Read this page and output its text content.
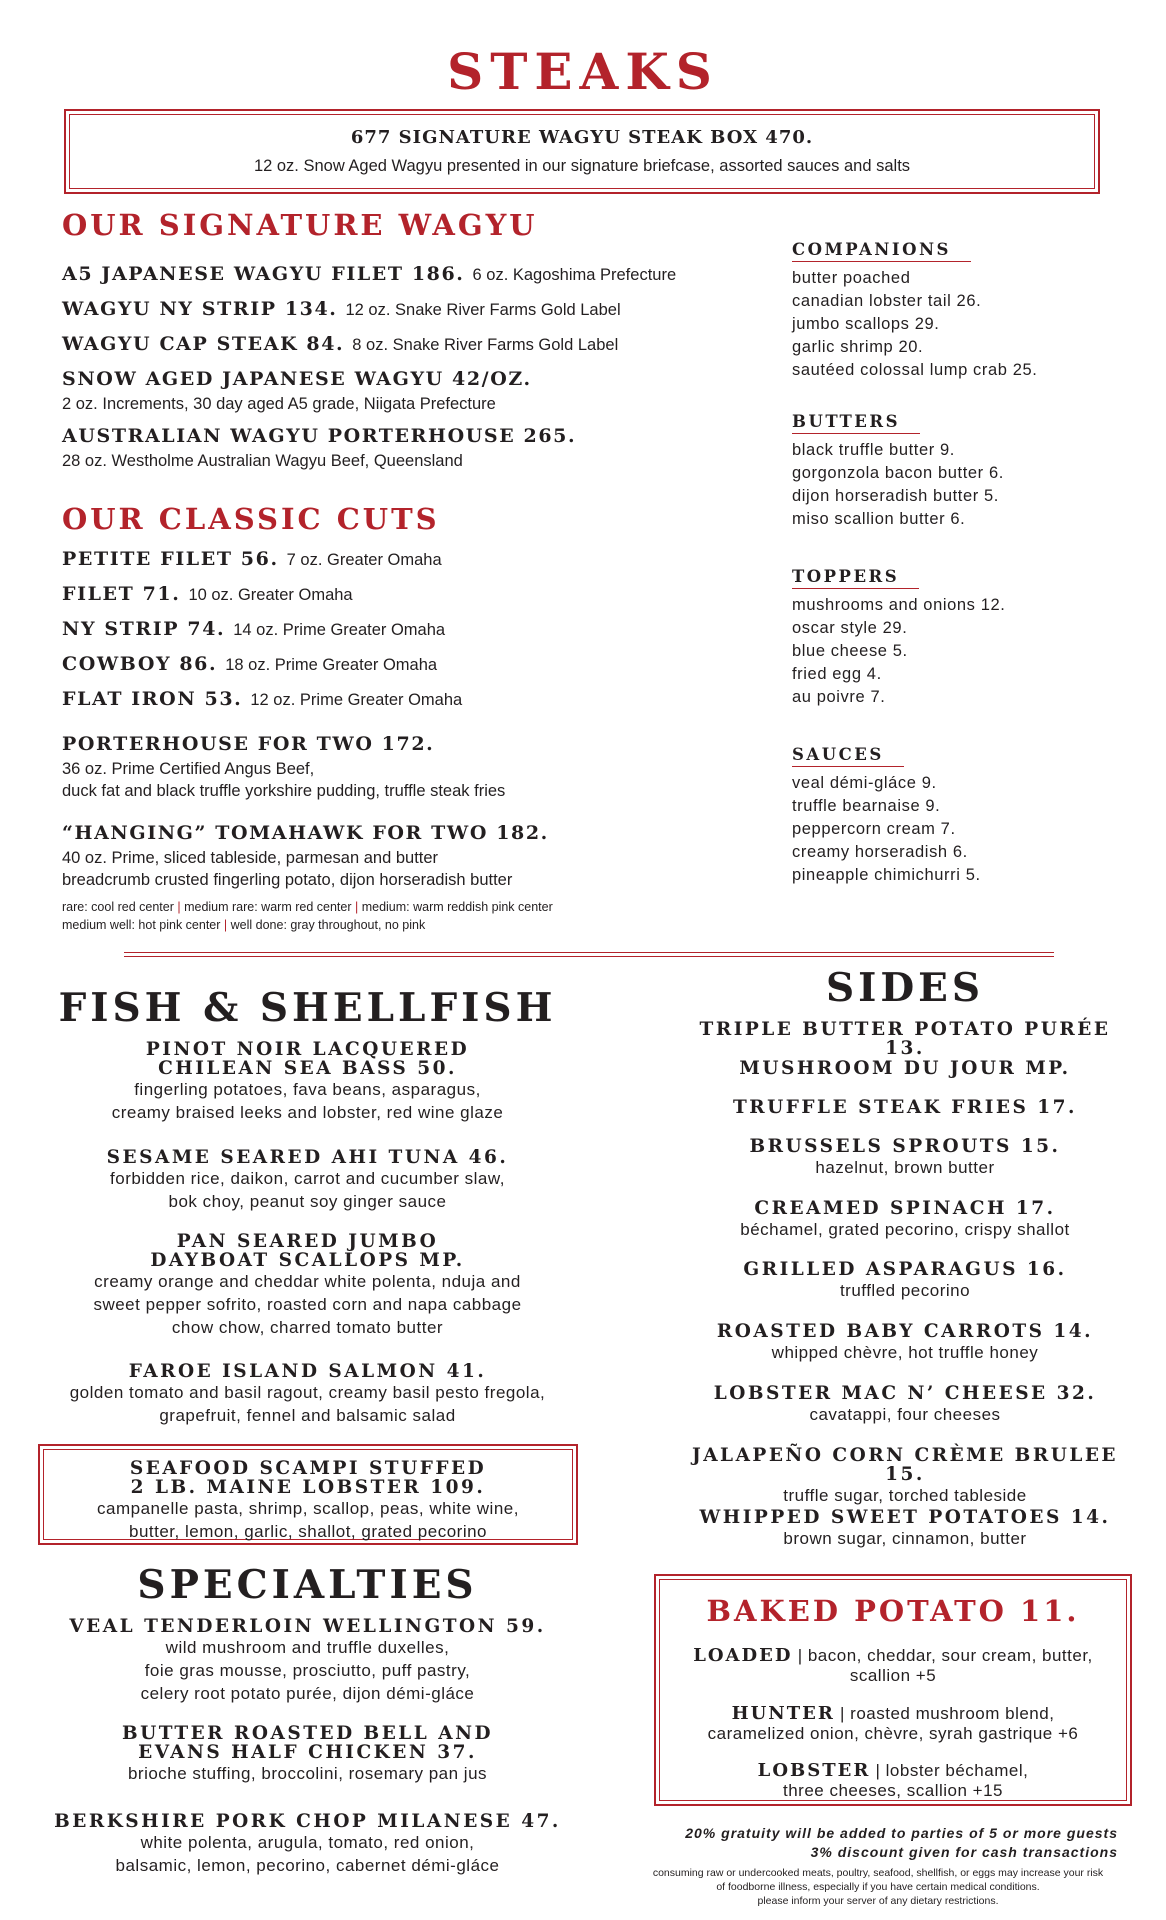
STEAKS
677 SIGNATURE WAGYU STEAK BOX 470.
12 oz. Snow Aged Wagyu presented in our signature briefcase, assorted sauces and salts
OUR SIGNATURE WAGYU
A5 JAPANESE WAGYU FILET 186. 6 oz. Kagoshima Prefecture
WAGYU NY STRIP 134. 12 oz. Snake River Farms Gold Label
WAGYU CAP STEAK 84. 8 oz. Snake River Farms Gold Label
SNOW AGED JAPANESE WAGYU 42/OZ.
2 oz. Increments, 30 day aged A5 grade, Niigata Prefecture
AUSTRALIAN WAGYU PORTERHOUSE 265.
28 oz. Westholme Australian Wagyu Beef, Queensland
OUR CLASSIC CUTS
PETITE FILET 56. 7 oz. Greater Omaha
FILET 71. 10 oz. Greater Omaha
NY STRIP 74. 14 oz. Prime Greater Omaha
COWBOY 86. 18 oz. Prime Greater Omaha
FLAT IRON 53. 12 oz. Prime Greater Omaha
PORTERHOUSE FOR TWO 172.
36 oz. Prime Certified Angus Beef,
duck fat and black truffle yorkshire pudding, truffle steak fries
“HANGING” TOMAHAWK FOR TWO 182.
40 oz. Prime, sliced tableside, parmesan and butter
breadcrumb crusted fingerling potato, dijon horseradish butter
rare: cool red center | medium rare: warm red center | medium: warm reddish pink center
medium well: hot pink center | well done: gray throughout, no pink
COMPANIONS
butter poached
canadian lobster tail 26.
jumbo scallops 29.
garlic shrimp 20.
sautéed colossal lump crab 25.
BUTTERS
black truffle butter 9.
gorgonzola bacon butter 6.
dijon horseradish butter 5.
miso scallion butter 6.
TOPPERS
mushrooms and onions 12.
oscar style 29.
blue cheese 5.
fried egg 4.
au poivre 7.
SAUCES
veal démi-gláce 9.
truffle bearnaise 9.
peppercorn cream 7.
creamy horseradish 6.
pineapple chimichurri 5.
FISH & SHELLFISH
PINOT NOIR LACQUERED
CHILEAN SEA BASS 50.
fingerling potatoes, fava beans, asparagus,
creamy braised leeks and lobster, red wine glaze
SESAME SEARED AHI TUNA 46.
forbidden rice, daikon, carrot and cucumber slaw,
bok choy, peanut soy ginger sauce
PAN SEARED JUMBO
DAYBOAT SCALLOPS MP.
creamy orange and cheddar white polenta, nduja and
sweet pepper sofrito, roasted corn and napa cabbage
chow chow, charred tomato butter
FAROE ISLAND SALMON 41.
golden tomato and basil ragout, creamy basil pesto fregola,
grapefruit, fennel and balsamic salad
SEAFOOD SCAMPI STUFFED
2 LB. MAINE LOBSTER 109.
campanelle pasta, shrimp, scallop, peas, white wine,
butter, lemon, garlic, shallot, grated pecorino
SPECIALTIES
VEAL TENDERLOIN WELLINGTON 59.
wild mushroom and truffle duxelles,
foie gras mousse, prosciutto, puff pastry,
celery root potato purée, dijon démi-gláce
BUTTER ROASTED BELL AND
EVANS HALF CHICKEN 37.
brioche stuffing, broccolini, rosemary pan jus
BERKSHIRE PORK CHOP MILANESE 47.
white polenta, arugula, tomato, red onion,
balsamic, lemon, pecorino, cabernet démi-gláce
SIDES
TRIPLE BUTTER POTATO PURÉE 13.
MUSHROOM DU JOUR MP.
TRUFFLE STEAK FRIES 17.
BRUSSELS SPROUTS 15.
hazelnut, brown butter
CREAMED SPINACH 17.
béchamel, grated pecorino, crispy shallot
GRILLED ASPARAGUS 16.
truffled pecorino
ROASTED BABY CARROTS 14.
whipped chèvre, hot truffle honey
LOBSTER MAC N’ CHEESE 32.
cavatappi, four cheeses
JALAPEÑO CORN CRÈME BRULEE 15.
truffle sugar, torched tableside
WHIPPED SWEET POTATOES 14.
brown sugar, cinnamon, butter
BAKED POTATO 11.
LOADED | bacon, cheddar, sour cream, butter,
scallion +5
HUNTER | roasted mushroom blend,
caramelized onion, chèvre, syrah gastrique +6
LOBSTER | lobster béchamel,
three cheeses, scallion +15
20% gratuity will be added to parties of 5 or more guests
3% discount given for cash transactions
consuming raw or undercooked meats, poultry, seafood, shellfish, or eggs may increase your risk
of foodborne illness, especially if you have certain medical conditions.
please inform your server of any dietary restrictions.
